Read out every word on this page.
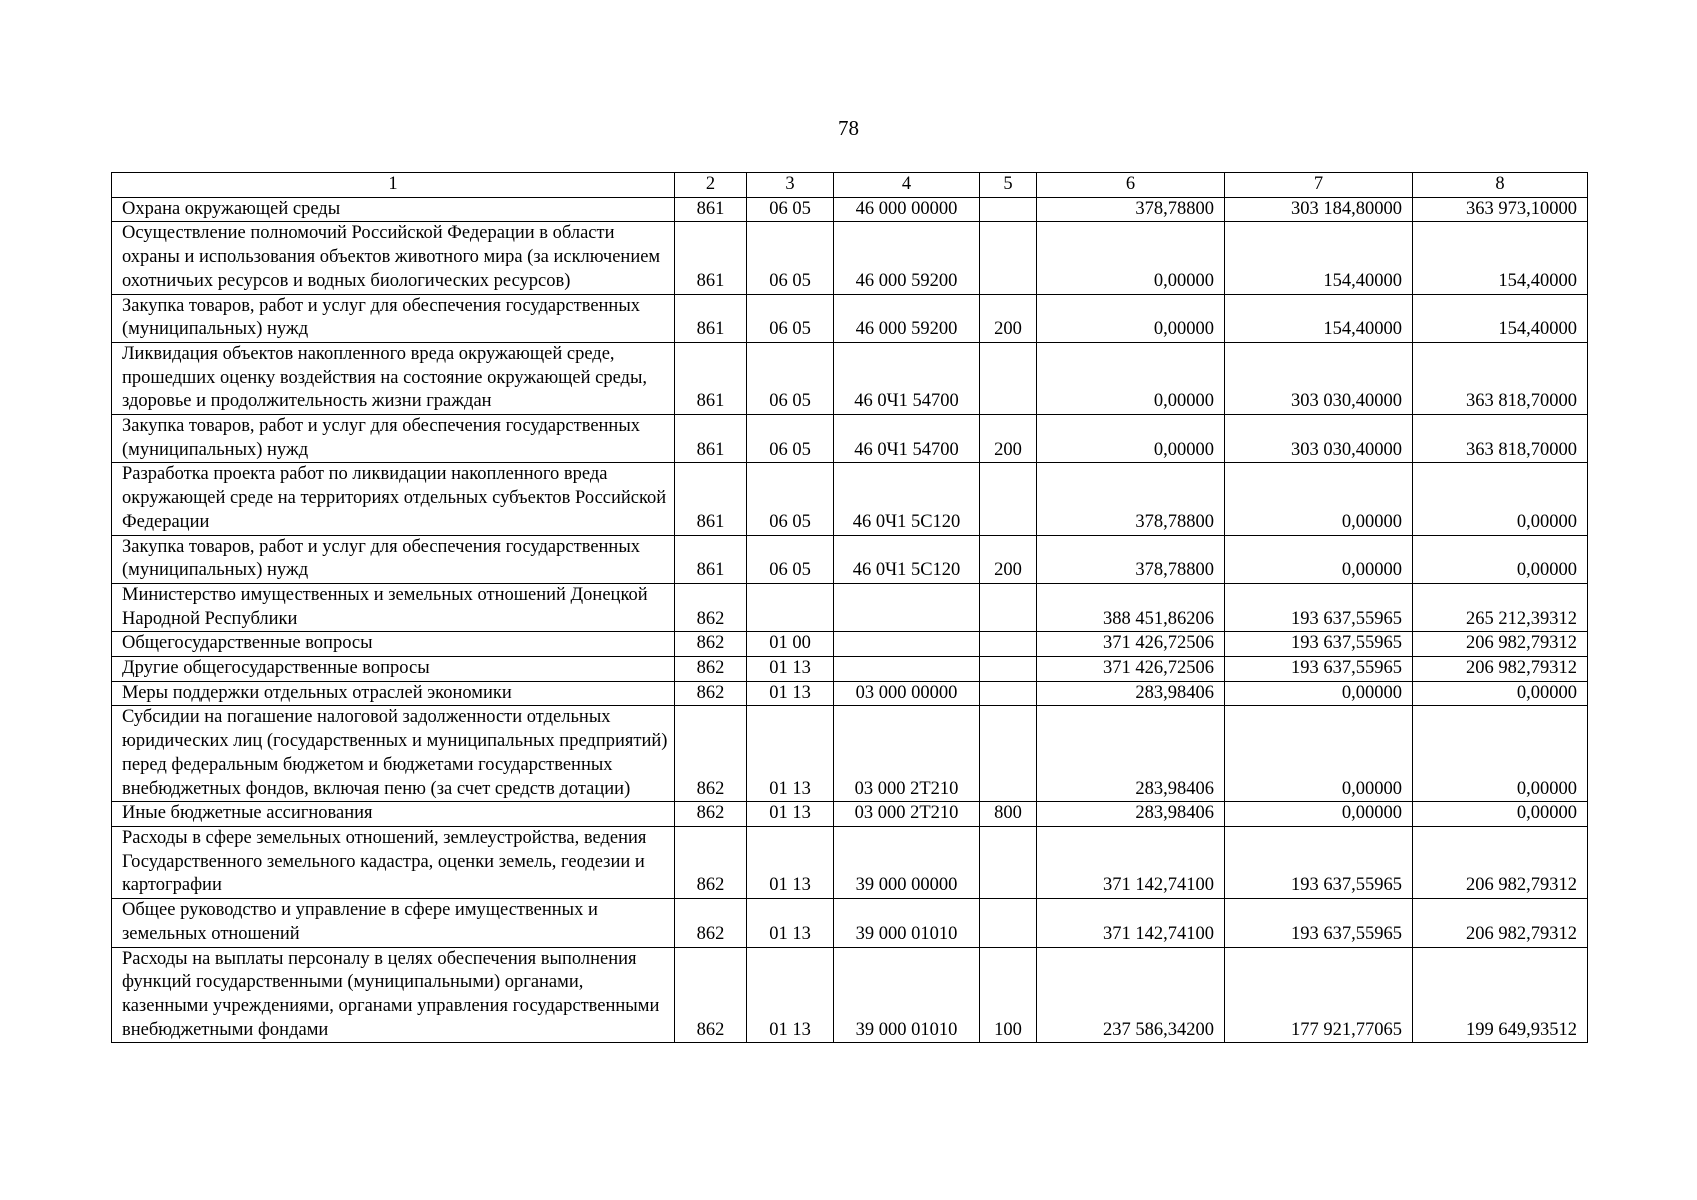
78
1	2	3	4	5	6	7	8
Охрана окружающей среды	861	06 05	46 000 00000		378,78800	303 184,80000	363 973,10000
Осуществление полномочий Российской Федерации в области охраны и использования объектов животного мира (за исключением охотничьих ресурсов и водных биологических ресурсов)	861	06 05	46 000 59200		0,00000	154,40000	154,40000
Закупка товаров, работ и услуг для обеспечения государственных (муниципальных) нужд	861	06 05	46 000 59200	200	0,00000	154,40000	154,40000
Ликвидация объектов накопленного вреда окружающей среде, прошедших оценку воздействия на состояние окружающей среды, здоровье и продолжительность жизни граждан	861	06 05	46 0Ч1 54700		0,00000	303 030,40000	363 818,70000
Закупка товаров, работ и услуг для обеспечения государственных (муниципальных) нужд	861	06 05	46 0Ч1 54700	200	0,00000	303 030,40000	363 818,70000
Разработка проекта работ по ликвидации накопленного вреда окружающей среде на территориях отдельных субъектов Российской Федерации	861	06 05	46 0Ч1 5С120		378,78800	0,00000	0,00000
Закупка товаров, работ и услуг для обеспечения государственных (муниципальных) нужд	861	06 05	46 0Ч1 5С120	200	378,78800	0,00000	0,00000
Министерство имущественных и земельных отношений Донецкой Народной Республики	862				388 451,86206	193 637,55965	265 212,39312
Общегосударственные вопросы	862	01 00			371 426,72506	193 637,55965	206 982,79312
Другие общегосударственные вопросы	862	01 13			371 426,72506	193 637,55965	206 982,79312
Меры поддержки отдельных отраслей экономики	862	01 13	03 000 00000		283,98406	0,00000	0,00000
Субсидии на погашение налоговой задолженности отдельных юридических лиц (государственных и муниципальных предприятий) перед федеральным бюджетом и бюджетами государственных внебюджетных фондов, включая пеню (за счет средств дотации)	862	01 13	03 000 2Т210		283,98406	0,00000	0,00000
Иные бюджетные ассигнования	862	01 13	03 000 2Т210	800	283,98406	0,00000	0,00000
Расходы в сфере земельных отношений, землеустройства, ведения Государственного земельного кадастра, оценки земель, геодезии и картографии	862	01 13	39 000 00000		371 142,74100	193 637,55965	206 982,79312
Общее руководство и управление в сфере имущественных и земельных отношений	862	01 13	39 000 01010		371 142,74100	193 637,55965	206 982,79312
Расходы на выплаты персоналу в целях обеспечения выполнения функций государственными (муниципальными) органами, казенными учреждениями, органами управления государственными внебюджетными фондами	862	01 13	39 000 01010	100	237 586,34200	177 921,77065	199 649,93512
